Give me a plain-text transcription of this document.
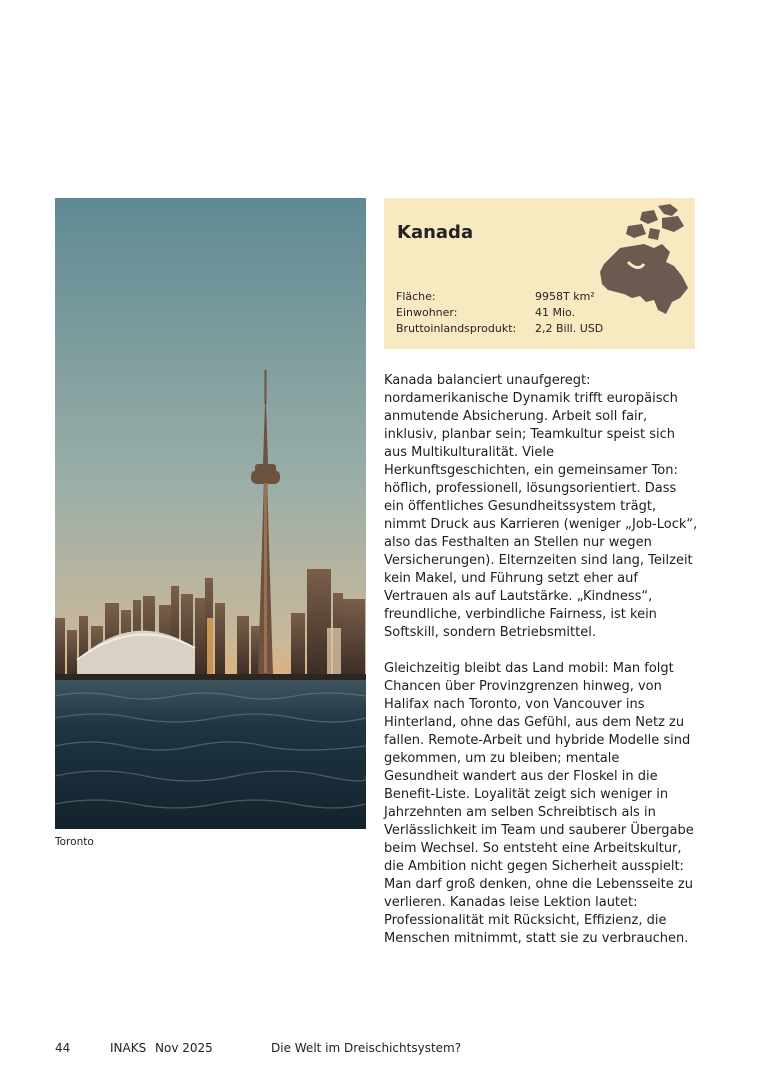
Toronto
Kanada
Fläche:	9958T km²
Einwohner:	41 Mio.
Bruttoinlandsprodukt:	2,2 Bill. USD

Kanada balanciert unaufgeregt: nordamerikanische Dynamik trifft europäisch anmutende Absicherung. Arbeit soll fair, inklusiv, planbar sein; Teamkultur speist sich aus Multikulturalität. Viele Herkunftsgeschichten, ein gemeinsamer Ton: höflich, professionell, lösungsorientiert. Dass ein öffentliches Gesundheitssystem trägt, nimmt Druck aus Karrieren (weniger „Job-Lock“, also das Festhalten an Stellen nur wegen Versicherungen). Elternzeiten sind lang, Teilzeit kein Makel, und Führung setzt eher auf Vertrauen als auf Lautstärke. „Kindness“, freundliche, verbindliche Fairness, ist kein Softskill, sondern Betriebsmittel.

Gleichzeitig bleibt das Land mobil: Man folgt Chancen über Provinzgrenzen hinweg, von Halifax nach Toronto, von Vancouver ins Hinterland, ohne das Gefühl, aus dem Netz zu fallen. Remote-Arbeit und hybride Modelle sind gekommen, um zu bleiben; mentale Gesundheit wandert aus der Floskel in die Benefit-Liste. Loyalität zeigt sich weniger in Jahrzehnten am selben Schreibtisch als in Verlässlichkeit im Team und sauberer Übergabe beim Wechsel. So entsteht eine Arbeitskultur, die Ambition nicht gegen Sicherheit ausspielt: Man darf groß denken, ohne die Lebensseite zu verlieren. Kanadas leise Lektion lautet: Professionalität mit Rücksicht, Effizienz, die Menschen mitnimmt, statt sie zu verbrauchen.

44	INAKS Nov 2025	Die Welt im Dreischichtsystem?
